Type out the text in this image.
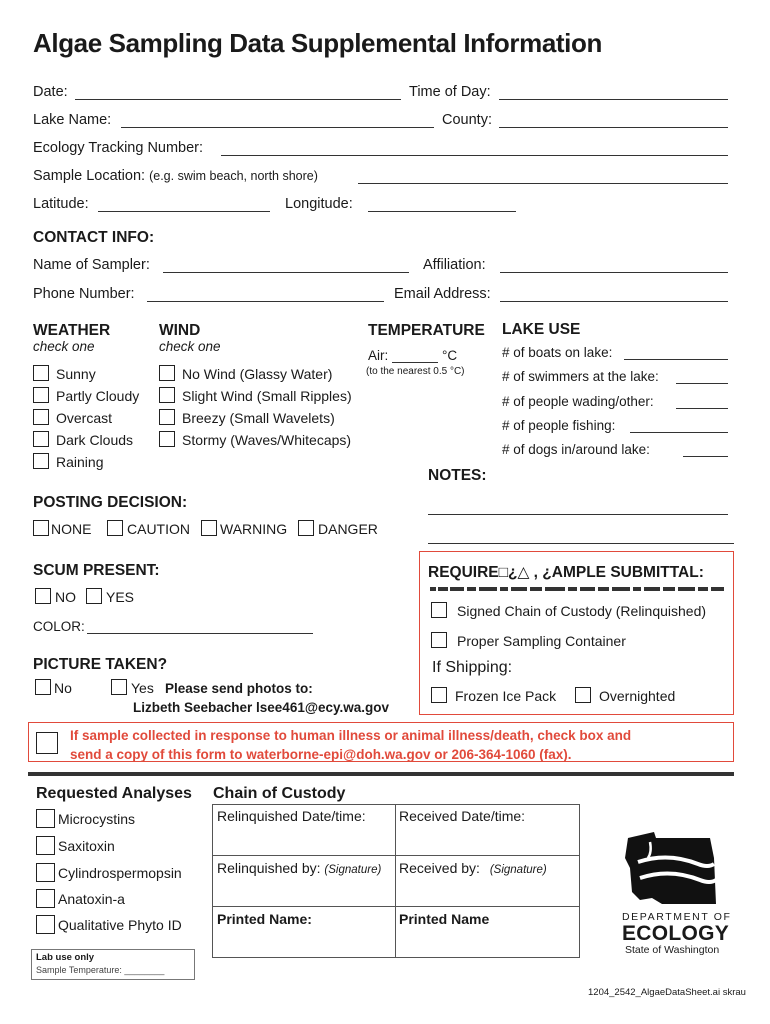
Algae Sampling Data Supplemental Information
Date:	Time of Day:
Lake Name:	County:
Ecology Tracking Number:
Sample Location: (e.g. swim beach, north shore)
Latitude:	Longitude:
CONTACT INFO:
Name of Sampler:	Affiliation:
Phone Number:	Email Address:
WEATHER
check one
Sunny
Partly Cloudy
Overcast
Dark Clouds
Raining
WIND
check one
No Wind (Glassy Water)
Slight Wind (Small Ripples)
Breezy (Small Wavelets)
Stormy (Waves/Whitecaps)
TEMPERATURE
Air:	°C
(to the nearest 0.5 °C)
LAKE USE
# of boats on lake:
# of swimmers at the lake:
# of people wading/other:
# of people fishing:
# of dogs in/around lake:
NOTES:
POSTING DECISION:
NONE	CAUTION WARNING DANGER
SCUM PRESENT:
NO YES
COLOR:
PICTURE TAKEN?
No	Yes Please send photos to:
Lizbeth Seebacher lsee461@ecy.wa.gov
REQUIRE□¿△ , ¿AMPLE SUBMITTAL:
Signed Chain of Custody (Relinquished)
Proper Sampling Container
If Shipping:
Frozen Ice Pack	Overnighted
If sample collected in response to human illness or animal illness/death, check box and
send a copy of this form to waterborne-epi@doh.wa.gov or 206-364-1060 (fax).
Requested Analyses
Microcystins
Saxitoxin
Cylindrospermopsin
Anatoxin-a
Qualitative Phyto ID
Lab use only
Sample Temperature: ________
Chain of Custody
Relinquished Date/time: Received Date/time:
Relinquished by: (Signature) Received by: (Signature)
Printed Name:	Printed Name	DEPARTMENT OF
ECOLOGY
State of Washington
1204_2542_AlgaeDataSheet.ai skrau
